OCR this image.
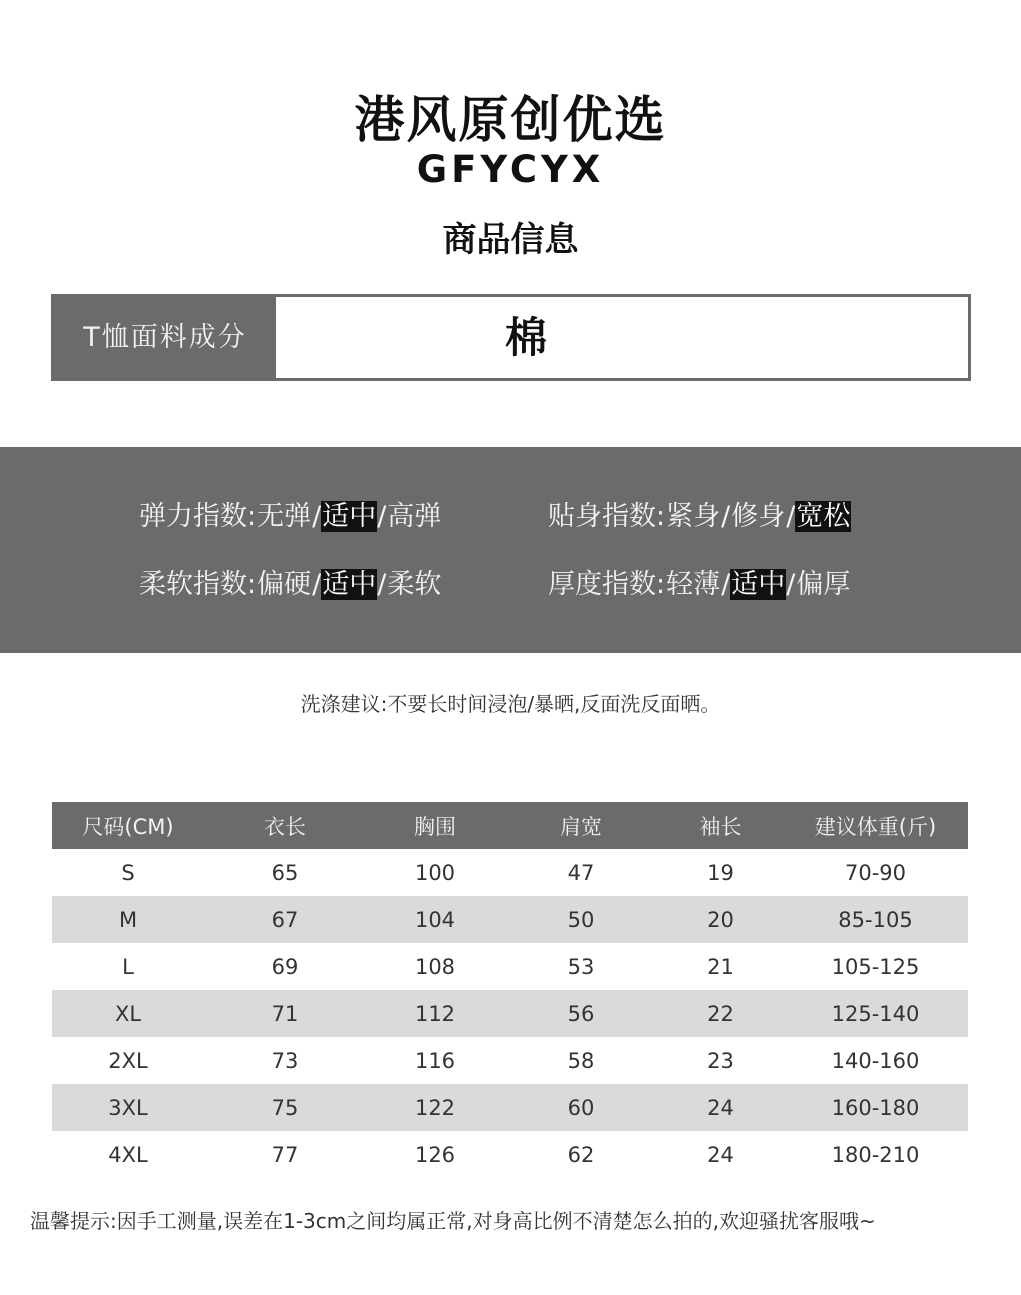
港风原创优选
GFYCYX
商品信息
T恤面料成分	棉
弹力指数:无弹/适中/高弹	贴身指数:紧身/修身/宽松
柔软指数:偏硬/适中/柔软	厚度指数:轻薄/适中/偏厚
洗涤建议:不要长时间浸泡/暴晒,反面洗反面晒。
尺码(CM)	衣长	胸围	肩宽	袖长	建议体重(斤)
S	65	100	47	19	70-90
M	67	104	50	20	85-105
L	69	108	53	21	105-125
XL	71	112	56	22	125-140
2XL	73	116	58	23	140-160
3XL	75	122	60	24	160-180
4XL	77	126	62	24	180-210
温馨提示:因手工测量,误差在1-3cm之间均属正常,对身高比例不清楚怎么拍的,欢迎骚扰客服哦~
